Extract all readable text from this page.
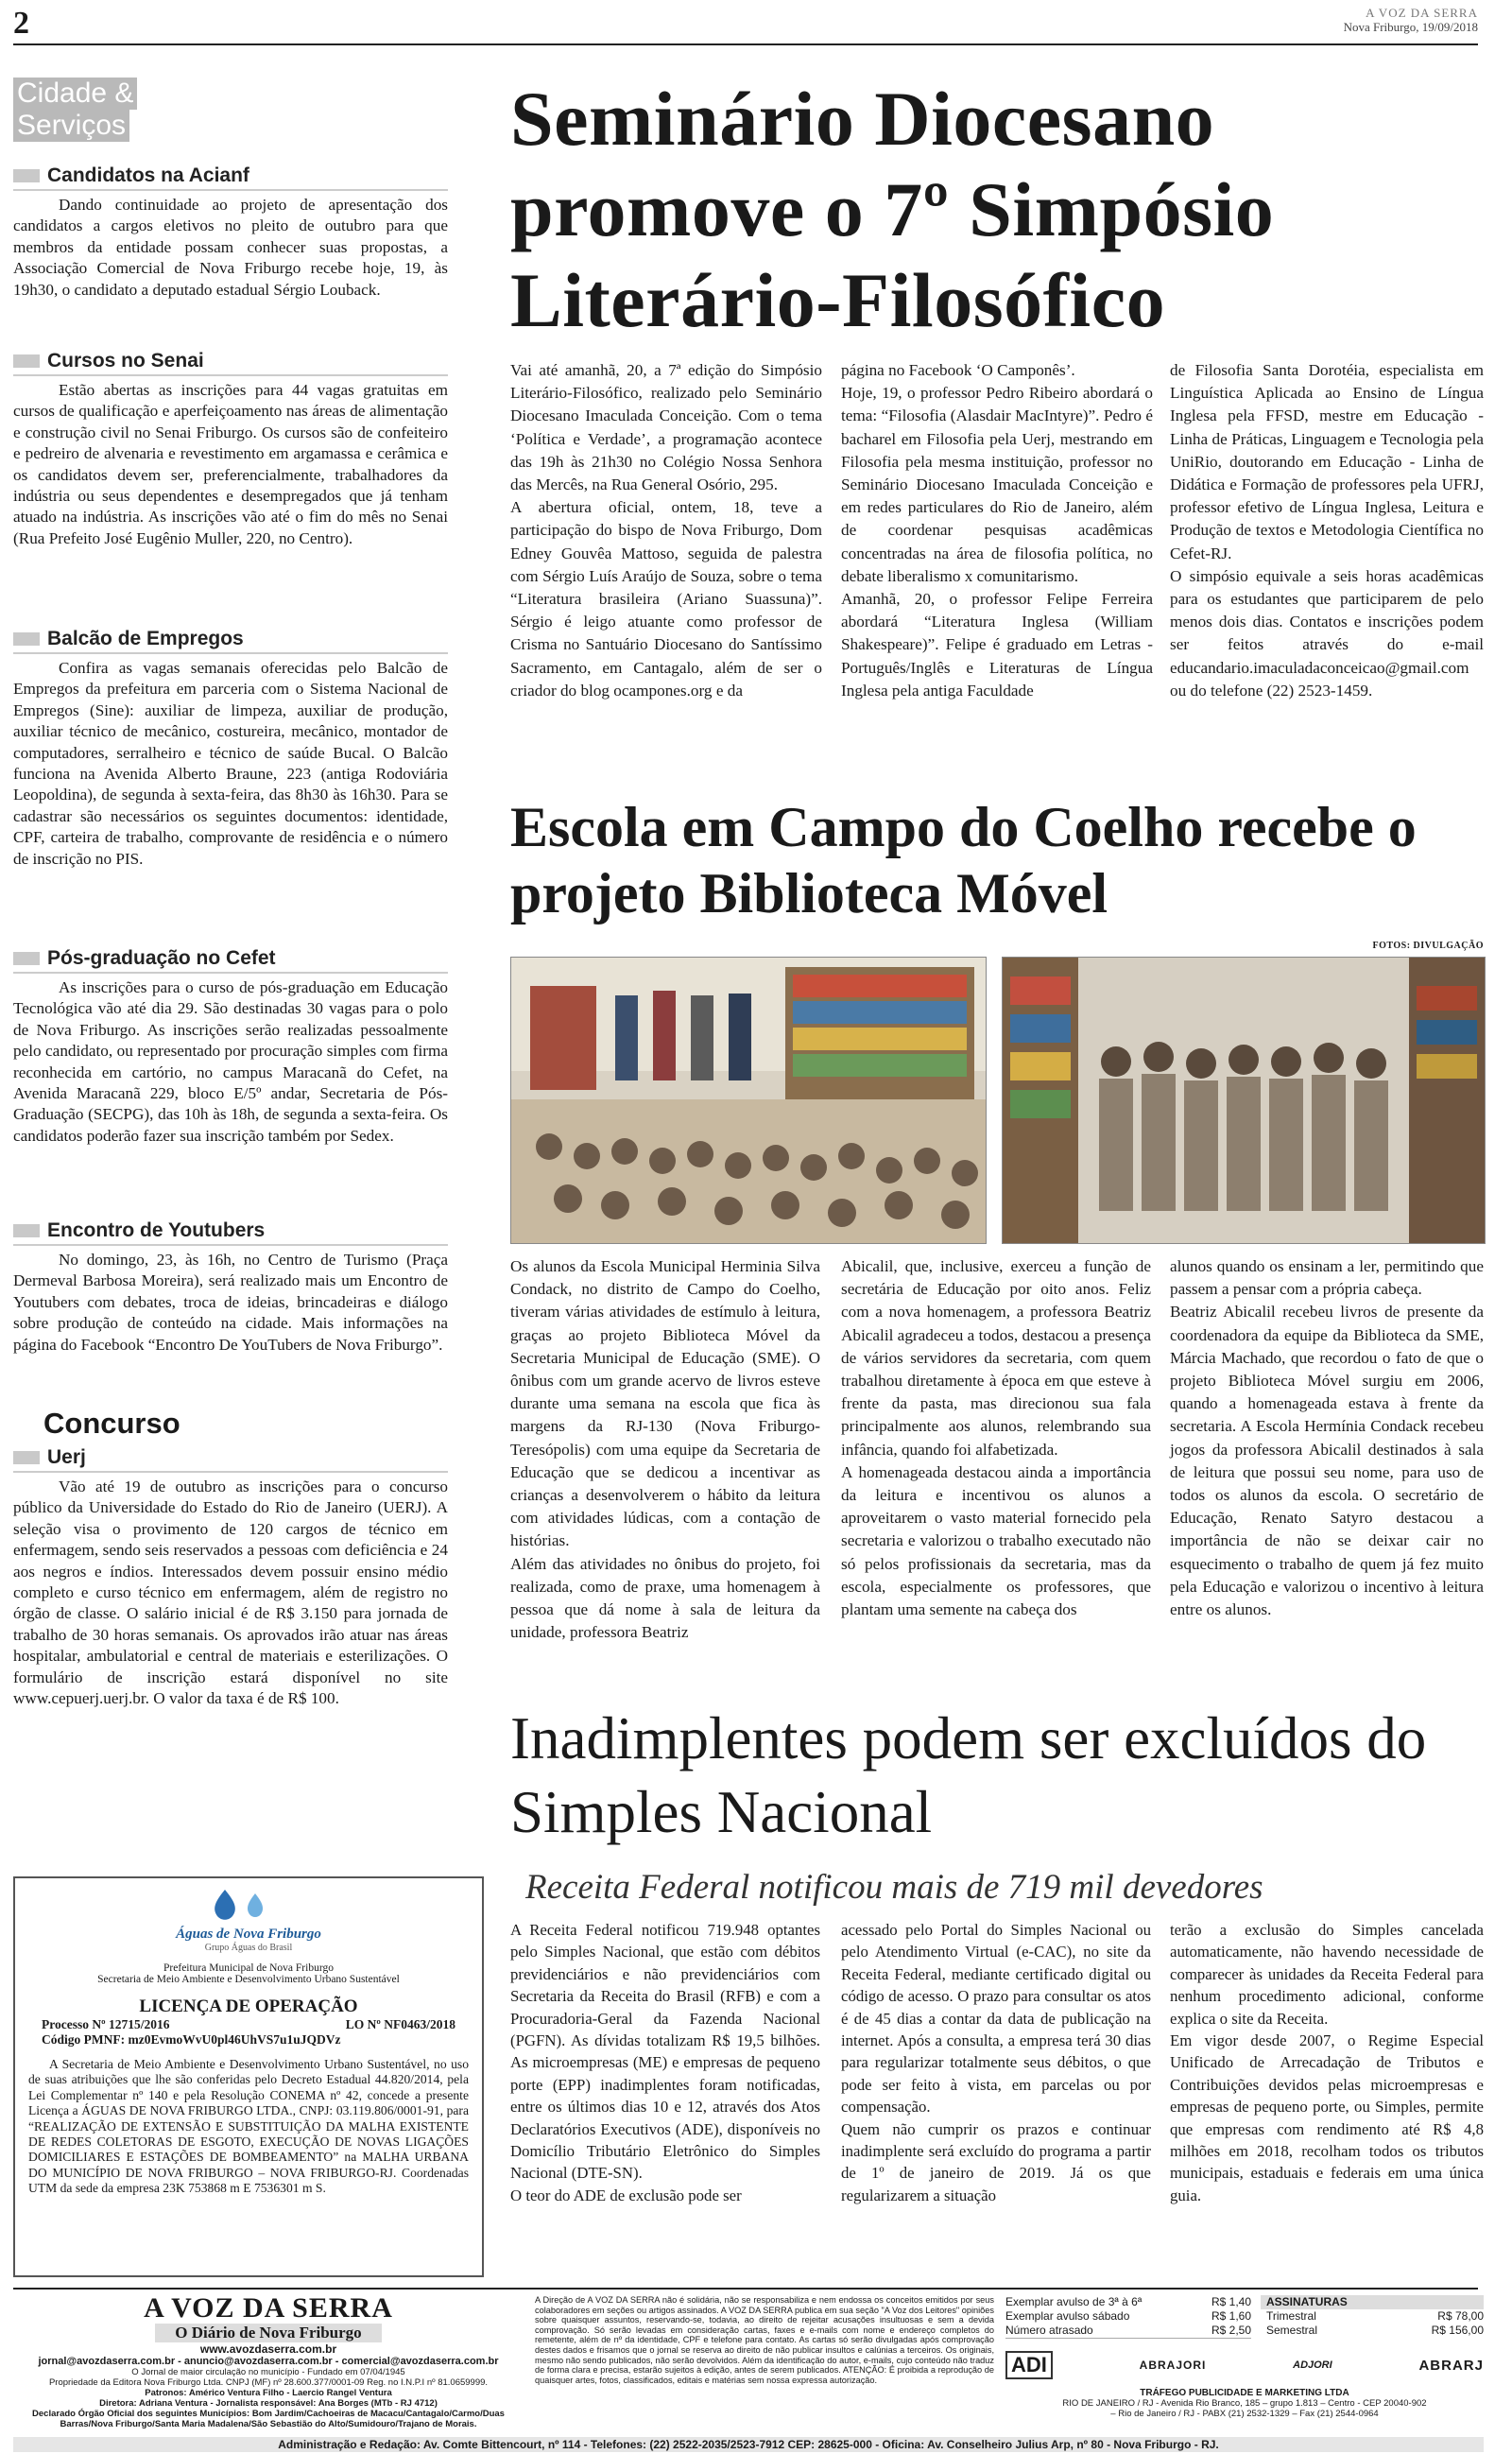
2	A VOZ DA SERRA
Nova Friburgo, 19/09/2018
Cidade &
Serviços
Candidatos na Acianf

Dando continuidade ao projeto de apresentação dos candidatos a cargos eletivos no pleito de outubro para que membros da entidade possam conhecer suas propostas, a Associação Comercial de Nova Friburgo recebe hoje, 19, às 19h30, o candidato a deputado estadual Sérgio Louback.

Cursos no Senai

Estão abertas as inscrições para 44 vagas gratuitas em cursos de qualificação e aperfeiçoamento nas áreas de alimentação e construção civil no Senai Friburgo. Os cursos são de confeiteiro e pedreiro de alvenaria e revestimento em argamassa e cerâmica e os candidatos devem ser, preferencialmente, trabalhadores da indústria ou seus dependentes e desempregados que já tenham atuado na indústria. As inscrições vão até o fim do mês no Senai (Rua Prefeito José Eugênio Muller, 220, no Centro).

Balcão de Empregos

Confira as vagas semanais oferecidas pelo Balcão de Empregos da prefeitura em parceria com o Sistema Nacional de Empregos (Sine): auxiliar de limpeza, auxiliar de produção, auxiliar técnico de mecânico, costureira, mecânico, montador de computadores, serralheiro e técnico de saúde Bucal. O Balcão funciona na Avenida Alberto Braune, 223 (antiga Rodoviária Leopoldina), de segunda à sexta-feira, das 8h30 às 16h30. Para se cadastrar são necessários os seguintes documentos: identidade, CPF, carteira de trabalho, comprovante de residência e o número de inscrição no PIS.

Pós-graduação no Cefet

As inscrições para o curso de pós-graduação em Educação Tecnológica vão até dia 29. São destinadas 30 vagas para o polo de Nova Friburgo. As inscrições serão realizadas pessoalmente pelo candidato, ou representado por procuração simples com firma reconhecida em cartório, no campus Maracanã do Cefet, na Avenida Maracanã 229, bloco E/5º andar, Secretaria de Pós-Graduação (SECPG), das 10h às 18h, de segunda a sexta-feira. Os candidatos poderão fazer sua inscrição também por Sedex.

Encontro de Youtubers

No domingo, 23, às 16h, no Centro de Turismo (Praça Dermeval Barbosa Moreira), será realizado mais um Encontro de Youtubers com debates, troca de ideias, brincadeiras e diálogo sobre produção de conteúdo na cidade. Mais informações na página do Facebook “Encontro De YouTubers de Nova Friburgo”.

Concurso
Uerj

Vão até 19 de outubro as inscrições para o concurso público da Universidade do Estado do Rio de Janeiro (UERJ). A seleção visa o provimento de 120 cargos de técnico em enfermagem, sendo seis reservados a pessoas com deficiência e 24 aos negros e índios. Interessados devem possuir ensino médio completo e curso técnico em enfermagem, além de registro no órgão de classe. O salário inicial é de R$ 3.150 para jornada de trabalho de 30 horas semanais. Os aprovados irão atuar nas áreas hospitalar, ambulatorial e central de materiais e esterilizações. O formulário de inscrição estará disponível no site www.cepuerj.uerj.br. O valor da taxa é de R$ 100.

Seminário Diocesano promove o 7º Simpósio Literário-Filosófico
Vai até amanhã, 20, a 7ª edição do Simpósio Literário-Filosófico, realizado pelo Seminário Diocesano Imaculada Conceição. Com o tema ‘Política e Verdade’, a programação acontece das 19h às 21h30 no Colégio Nossa Senhora das Mercês, na Rua General Osório, 295.
A abertura oficial, ontem, 18, teve a participação do bispo de Nova Friburgo, Dom Edney Gouvêa Mattoso, seguida de palestra com Sérgio Luís Araújo de Souza, sobre o tema “Literatura brasileira (Ariano Suassuna)”. Sérgio é leigo atuante como professor de Crisma no Santuário Diocesano do Santíssimo Sacramento, em Cantagalo, além de ser o criador do blog ocampones.org e da
página no Facebook ‘O Camponês’.
Hoje, 19, o professor Pedro Ribeiro abordará o tema: “Filosofia (Alasdair MacIntyre)”. Pedro é bacharel em Filosofia pela Uerj, mestrando em Filosofia pela mesma instituição, professor no Seminário Diocesano Imaculada Conceição e em redes particulares do Rio de Janeiro, além de coordenar pesquisas acadêmicas concentradas na área de filosofia política, no debate liberalismo x comunitarismo.
Amanhã, 20, o professor Felipe Ferreira abordará “Literatura Inglesa (William Shakespeare)”. Felipe é graduado em Letras - Português/Inglês e Literaturas de Língua Inglesa pela antiga Faculdade
de Filosofia Santa Dorotéia, especialista em Linguística Aplicada ao Ensino de Língua Inglesa pela FFSD, mestre em Educação - Linha de Práticas, Linguagem e Tecnologia pela UniRio, doutorando em Educação - Linha de Didática e Formação de professores pela UFRJ, professor efetivo de Língua Inglesa, Leitura e Produção de textos e Metodologia Científica no Cefet-RJ.
O simpósio equivale a seis horas acadêmicas para os estudantes que participarem de pelo menos dois dias. Contatos e inscrições podem ser feitos através do e-mail educandario.imaculadaconceicao@gmail.com ou do telefone (22) 2523-1459.
Escola em Campo do Coelho recebe o projeto Biblioteca Móvel
FOTOS: DIVULGAÇÃO
Os alunos da Escola Municipal Herminia Silva Condack, no distrito de Campo do Coelho, tiveram várias atividades de estímulo à leitura, graças ao projeto Biblioteca Móvel da Secretaria Municipal de Educação (SME). O ônibus com um grande acervo de livros esteve durante uma semana na escola que fica às margens da RJ-130 (Nova Friburgo-Teresópolis) com uma equipe da Secretaria de Educação que se dedicou a incentivar as crianças a desenvolverem o hábito da leitura com atividades lúdicas, com a contação de histórias.
Além das atividades no ônibus do projeto, foi realizada, como de praxe, uma homenagem à pessoa que dá nome à sala de leitura da unidade, professora Beatriz
Abicalil, que, inclusive, exerceu a função de secretária de Educação por oito anos. Feliz com a nova homenagem, a professora Beatriz Abicalil agradeceu a todos, destacou a presença de vários servidores da secretaria, com quem trabalhou diretamente à época em que esteve à frente da pasta, mas direcionou sua fala principalmente aos alunos, relembrando sua infância, quando foi alfabetizada.
A homenageada destacou ainda a importância da leitura e incentivou os alunos a aproveitarem o vasto material fornecido pela secretaria e valorizou o trabalho executado não só pelos profissionais da secretaria, mas da escola, especialmente os professores, que plantam uma semente na cabeça dos
alunos quando os ensinam a ler, permitindo que passem a pensar com a própria cabeça.
Beatriz Abicalil recebeu livros de presente da coordenadora da equipe da Biblioteca da SME, Márcia Machado, que recordou o fato de que o projeto Biblioteca Móvel surgiu em 2006, quando a homenageada estava à frente da secretaria. A Escola Hermínia Condack recebeu jogos da professora Abicalil destinados à sala de leitura que possui seu nome, para uso de todos os alunos da escola. O secretário de Educação, Renato Satyro destacou a importância de não se deixar cair no esquecimento o trabalho de quem já fez muito pela Educação e valorizou o incentivo à leitura entre os alunos.
Inadimplentes podem ser excluídos do Simples Nacional
Receita Federal notificou mais de 719 mil devedores
A Receita Federal notificou 719.948 optantes pelo Simples Nacional, que estão com débitos previdenciários e não previdenciários com Secretaria da Receita do Brasil (RFB) e com a Procuradoria-Geral da Fazenda Nacional (PGFN). As dívidas totalizam R$ 19,5 bilhões. As microempresas (ME) e empresas de pequeno porte (EPP) inadimplentes foram notificadas, entre os últimos dias 10 e 12, através dos Atos Declaratórios Executivos (ADE), disponíveis no Domicílio Tributário Eletrônico do Simples Nacional (DTE-SN).
O teor do ADE de exclusão pode ser
acessado pelo Portal do Simples Nacional ou pelo Atendimento Virtual (e-CAC), no site da Receita Federal, mediante certificado digital ou código de acesso. O prazo para consultar os atos é de 45 dias a contar da data de publicação na internet. Após a consulta, a empresa terá 30 dias para regularizar totalmente seus débitos, o que pode ser feito à vista, em parcelas ou por compensação.
Quem não cumprir os prazos e continuar inadimplente será excluído do programa a partir de 1º de janeiro de 2019. Já os que regularizarem a situação
terão a exclusão do Simples cancelada automaticamente, não havendo necessidade de comparecer às unidades da Receita Federal para nenhum procedimento adicional, conforme explica o site da Receita.
Em vigor desde 2007, o Regime Especial Unificado de Arrecadação de Tributos e Contribuições devidos pelas microempresas e empresas de pequeno porte, ou Simples, permite que empresas com rendimento até R$ 4,8 milhões em 2018, recolham todos os tributos municipais, estaduais e federais em uma única guia.
Águas de Nova Friburgo
Grupo Águas do Brasil
Prefeitura Municipal de Nova Friburgo
Secretaria de Meio Ambiente e Desenvolvimento Urbano Sustentável
LICENÇA DE OPERAÇÃO
Processo Nº 12715/2016	LO Nº NF0463/2018
Código PMNF: mz0EvmoWvU0pl46UhVS7u1uJQDVz

A Secretaria de Meio Ambiente e Desenvolvimento Urbano Sustentável, no uso de suas atribuições que lhe são conferidas pelo Decreto Estadual 44.820/2014, pela Lei Complementar nº 140 e pela Resolução CONEMA nº 42, concede a presente Licença a ÁGUAS DE NOVA FRIBURGO LTDA., CNPJ: 03.119.806/0001-91, para “REALIZAÇÃO DE EXTENSÃO E SUBSTITUIÇÃO DA MALHA EXISTENTE DE REDES COLETORAS DE ESGOTO, EXECUÇÃO DE NOVAS LIGAÇÕES DOMICILIARES E ESTAÇÕES DE BOMBEAMENTO” na MALHA URBANA DO MUNICÍPIO DE NOVA FRIBURGO – NOVA FRIBURGO-RJ. Coordenadas UTM da sede da empresa 23K 753868 m E 7536301 m S.

A VOZ DA SERRA
O Diário de Nova Friburgo
www.avozdaserra.com.br
jornal@avozdaserra.com.br - anuncio@avozdaserra.com.br - comercial@avozdaserra.com.br
O Jornal de maior circulação no município - Fundado em 07/04/1945
Propriedade da Editora Nova Friburgo Ltda. CNPJ (MF) nº 28.600.377/0001-09 Reg. no I.N.P.I nº 81.0659999.
Patronos: Américo Ventura Filho - Laercio Rangel Ventura
Diretora: Adriana Ventura - Jornalista responsável: Ana Borges (MTb - RJ 4712)
Declarado Órgão Oficial dos seguintes Municípios: Bom Jardim/Cachoeiras de Macacu/Cantagalo/Carmo/Duas Barras/Nova Friburgo/Santa Maria Madalena/São Sebastião do Alto/Sumidouro/Trajano de Morais.
A Direção de A VOZ DA SERRA não é solidária, não se responsabiliza e nem endossa os conceitos emitidos por seus colaboradores em seções ou artigos assinados. A VOZ DA SERRA publica em sua seção "A Voz dos Leitores" opiniões sobre quaisquer assuntos, reservando-se, todavia, ao direito de rejeitar acusações insultuosas e sem a devida comprovação. Só serão levadas em consideração cartas, faxes e e-mails com nome e endereço completos do remetente, além de nº da identidade, CPF e telefone para contato. As cartas só serão divulgadas após comprovação destes dados e frisamos que o jornal se reserva ao direito de não publicar insultos e calúnias a terceiros. Os originais, mesmo não sendo publicados, não serão devolvidos. Além da identificação do autor, e-mails, cujo conteúdo não traduz de forma clara e precisa, estarão sujeitos à edição, antes de serem publicados. ATENÇÃO: É proibida a reprodução de quaisquer artes, fotos, classificados, editais e matérias sem nossa expressa autorização.
Exemplar avulso de 3ª à 6ª	R$ 1,40
Exemplar avulso sábado	R$ 1,60
Número atrasado	R$ 2,50
ASSINATURAS
Trimestral	R$ 78,00
Semestral	R$ 156,00
ADI	ABRAJORI	ADJORI	ABRARJ
TRÁFEGO PUBLICIDADE E MARKETING LTDA
RIO DE JANEIRO / RJ - Avenida Rio Branco, 185 – grupo 1.813 – Centro - CEP 20040-902
– Rio de Janeiro / RJ - PABX (21) 2532-1329 – Fax (21) 2544-0964
Administração e Redação: Av. Comte Bittencourt, nº 114 - Telefones: (22) 2522-2035/2523-7912 CEP: 28625-000 - Oficina: Av. Conselheiro Julius Arp, nº 80 - Nova Friburgo - RJ.
